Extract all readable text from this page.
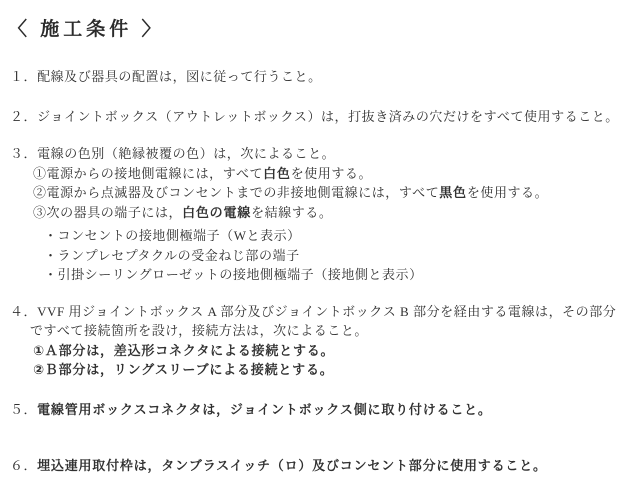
〈 施工条件 〉
１．配線及び器具の配置は，図に従って行うこと。
２．ジョイントボックス（アウトレットボックス）は，打抜き済みの穴だけをすべて使用すること。
３．電線の色別（絶縁被覆の色）は，次によること。
①電源からの接地側電線には，すべて白色を使用する。
②電源から点滅器及びコンセントまでの非接地側電線には，すべて黒色を使用する。
③次の器具の端子には，白色の電線を結線する。
・コンセントの接地側極端子（Wと表示）
・ランプレセプタクルの受金ねじ部の端子
・引掛シーリングローゼットの接地側極端子（接地側と表示）
４．VVF 用ジョイントボックス A 部分及びジョイントボックス B 部分を経由する電線は，その部分
ですべて接続箇所を設け，接続方法は，次によること。
①Ａ部分は，差込形コネクタによる接続とする。
②Ｂ部分は，リングスリーブによる接続とする。
５．電線管用ボックスコネクタは，ジョイントボックス側に取り付けること。
６．埋込連用取付枠は，タンブラスイッチ（ロ）及びコンセント部分に使用すること。
